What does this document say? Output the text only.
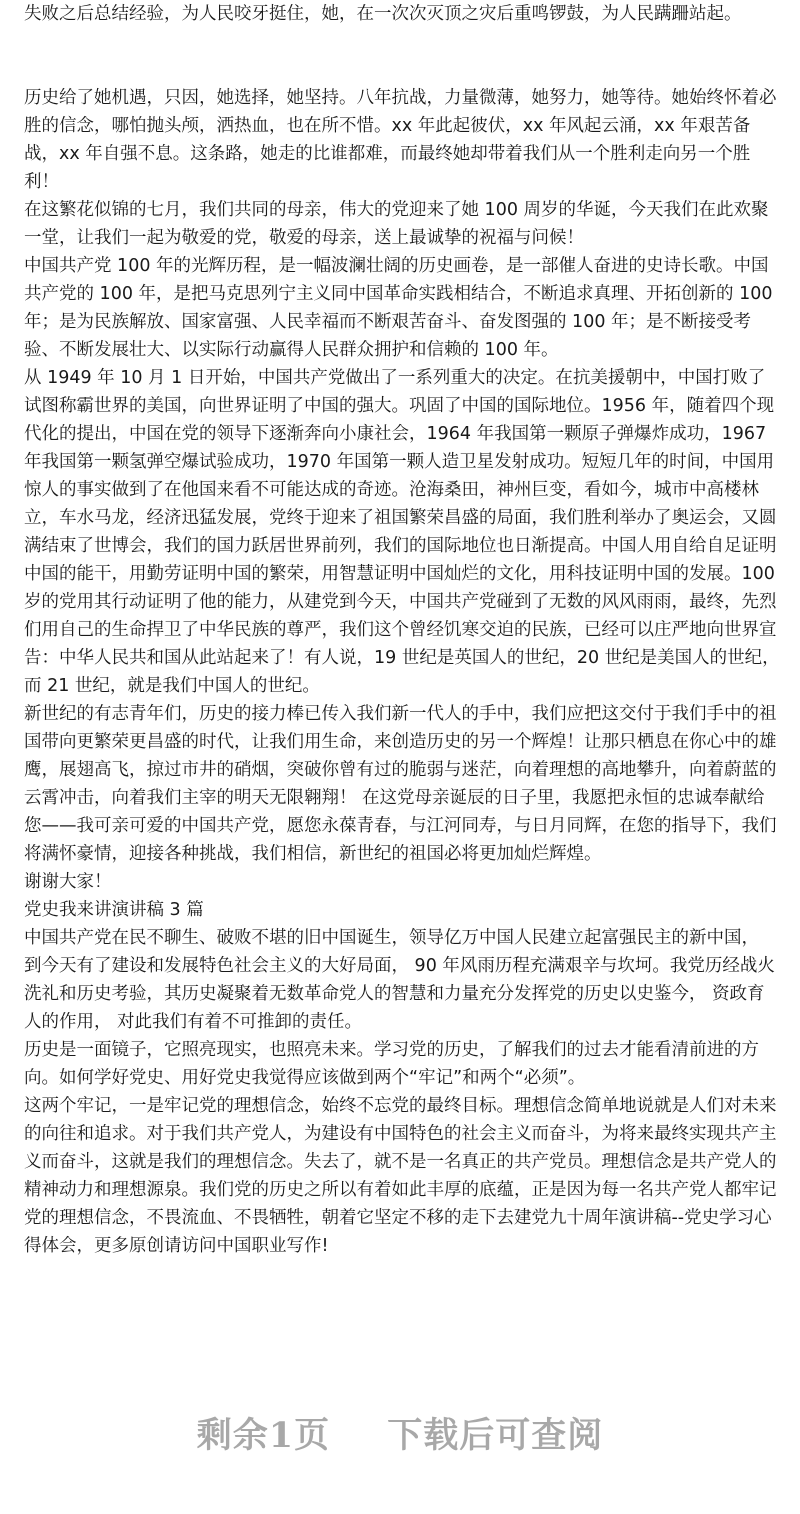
失败之后总结经验，为人民咬牙挺住，她，在一次次灭顶之灾后重鸣锣鼓，为人民蹒跚站起。

历史给了她机遇，只因，她选择，她坚持。八年抗战，力量微薄，她努力，她等待。她始终怀着必胜的信念，哪怕抛头颅，洒热血，也在所不惜。xx 年此起彼伏，xx 年风起云涌，xx 年艰苦备战，xx 年自强不息。这条路，她走的比谁都难，而最终她却带着我们从一个胜利走向另一个胜利！

在这繁花似锦的七月，我们共同的母亲，伟大的党迎来了她 100 周岁的华诞，今天我们在此欢聚一堂，让我们一起为敬爱的党，敬爱的母亲，送上最诚挚的祝福与问候！

中国共产党 100 年的光辉历程，是一幅波澜壮阔的历史画卷，是一部催人奋进的史诗长歌。中国共产党的 100 年，是把马克思列宁主义同中国革命实践相结合，不断追求真理、开拓创新的 100 年；是为民族解放、国家富强、人民幸福而不断艰苦奋斗、奋发图强的 100 年；是不断接受考验、不断发展壮大、以实际行动赢得人民群众拥护和信赖的 100 年。

从 1949 年 10 月 1 日开始，中国共产党做出了一系列重大的决定。在抗美援朝中，中国打败了试图称霸世界的美国，向世界证明了中国的强大。巩固了中国的国际地位。1956 年，随着四个现代化的提出，中国在党的领导下逐渐奔向小康社会，1964 年我国第一颗原子弹爆炸成功，1967 年我国第一颗氢弹空爆试验成功，1970 年国第一颗人造卫星发射成功。短短几年的时间，中国用惊人的事实做到了在他国来看不可能达成的奇迹。沧海桑田，神州巨变，看如今，城市中高楼林立，车水马龙，经济迅猛发展，党终于迎来了祖国繁荣昌盛的局面，我们胜利举办了奥运会，又圆满结束了世博会，我们的国力跃居世界前列，我们的国际地位也日渐提高。中国人用自给自足证明中国的能干，用勤劳证明中国的繁荣，用智慧证明中国灿烂的文化，用科技证明中国的发展。100 岁的党用其行动证明了他的能力，从建党到今天，中国共产党碰到了无数的风风雨雨，最终，先烈们用自己的生命捍卫了中华民族的尊严，我们这个曾经饥寒交迫的民族，已经可以庄严地向世界宣告：中华人民共和国从此站起来了！有人说，19 世纪是英国人的世纪，20 世纪是美国人的世纪，而 21 世纪，就是我们中国人的世纪。

新世纪的有志青年们，历史的接力棒已传入我们新一代人的手中，我们应把这交付于我们手中的祖国带向更繁荣更昌盛的时代，让我们用生命，来创造历史的另一个辉煌！让那只栖息在你心中的雄鹰，展翅高飞，掠过市井的硝烟，突破你曾有过的脆弱与迷茫，向着理想的高地攀升，向着蔚蓝的云霄冲击，向着我们主宰的明天无限翱翔！ 在这党母亲诞辰的日子里，我愿把永恒的忠诚奉献给您——我可亲可爱的中国共产党，愿您永葆青春，与江河同寿，与日月同辉，在您的指导下，我们将满怀豪情，迎接各种挑战，我们相信，新世纪的祖国必将更加灿烂辉煌。

谢谢大家！

党史我来讲演讲稿 3 篇

中国共产党在民不聊生、破败不堪的旧中国诞生，领导亿万中国人民建立起富强民主的新中国， 到今天有了建设和发展特色社会主义的大好局面， 90 年风雨历程充满艰辛与坎坷。我党历经战火洗礼和历史考验，其历史凝聚着无数革命党人的智慧和力量充分发挥党的历史以史鉴今， 资政育人的作用， 对此我们有着不可推卸的责任。

历史是一面镜子，它照亮现实，也照亮未来。学习党的历史，了解我们的过去才能看清前进的方向。如何学好党史、用好党史我觉得应该做到两个“牢记”和两个“必须”。

这两个牢记，一是牢记党的理想信念，始终不忘党的最终目标。理想信念简单地说就是人们对未来的向往和追求。对于我们共产党人，为建设有中国特色的社会主义而奋斗，为将来最终实现共产主义而奋斗，这就是我们的理想信念。失去了，就不是一名真正的共产党员。理想信念是共产党人的精神动力和理想源泉。我们党的历史之所以有着如此丰厚的底蕴，正是因为每一名共产党人都牢记党的理想信念，不畏流血、不畏牺牲，朝着它坚定不移的走下去建党九十周年演讲稿--党史学习心得体会，更多原创请访问中国职业写作!

剩余1页 下载后可查阅
